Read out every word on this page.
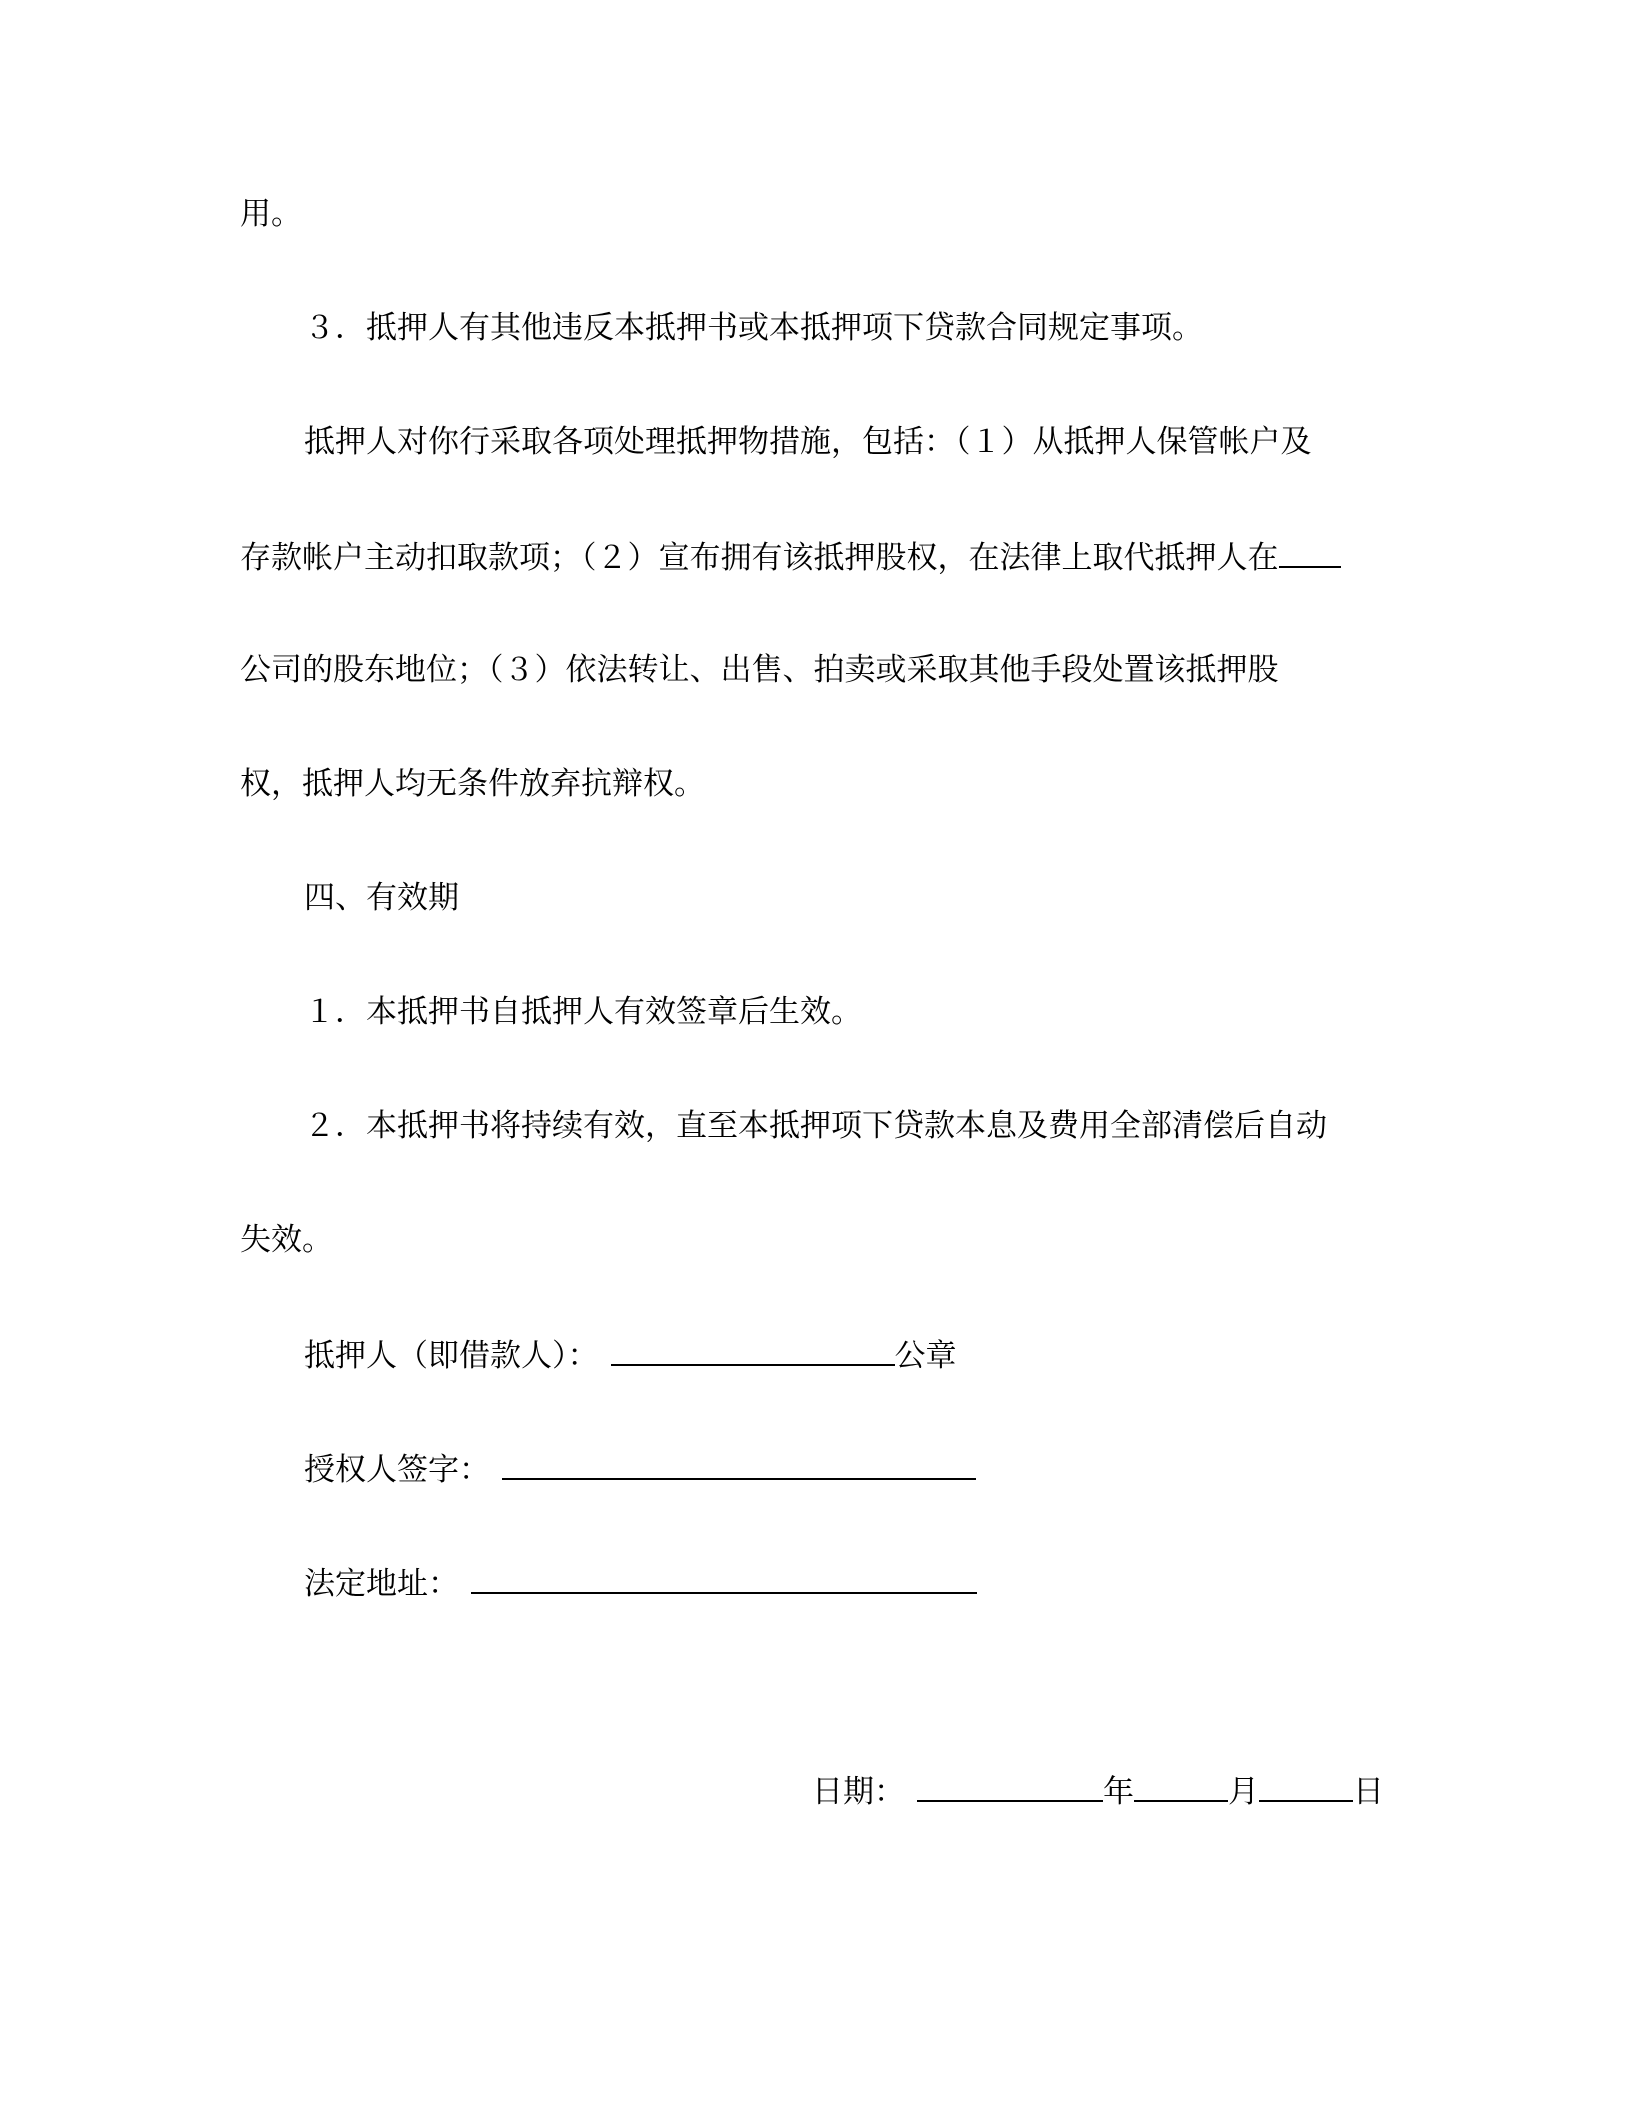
用。
３．抵押人有其他违反本抵押书或本抵押项下贷款合同规定事项。
抵押人对你行采取各项处理抵押物措施，包括：（１）从抵押人保管帐户及
存款帐户主动扣取款项；（２）宣布拥有该抵押股权，在法律上取代抵押人在
公司的股东地位；（３）依法转让、出售、拍卖或采取其他手段处置该抵押股
权，抵押人均无条件放弃抗辩权。
四、有效期
１．本抵押书自抵押人有效签章后生效。
２．本抵押书将持续有效，直至本抵押项下贷款本息及费用全部清偿后自动
失效。
抵押人（即借款人）：	公章
授权人签字：
法定地址：
日期：	年	月	日
